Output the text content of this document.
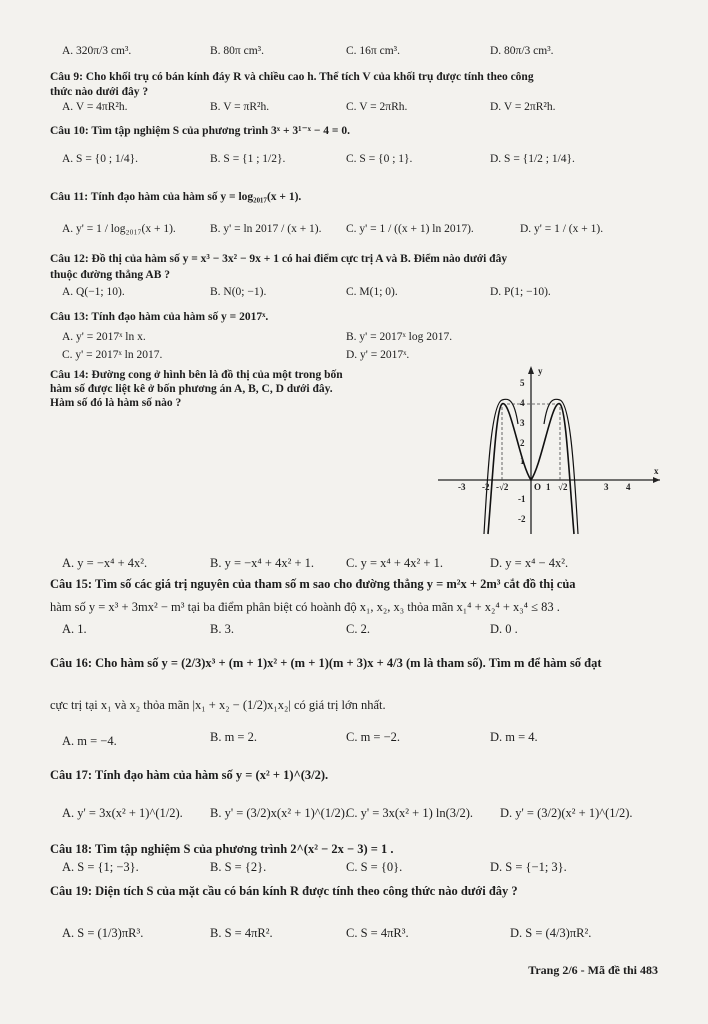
A. 320π/3 cm³.	B. 80π cm³.	C. 16π cm³.	D. 80π/3 cm³.
Câu 9: Cho khối trụ có bán kính đáy R và chiều cao h. Thể tích V của khối trụ được tính theo công
thức nào dưới đây ?
A. V = 4πR²h.	B. V = πR²h.	C. V = 2πRh.	D. V = 2πR²h.
Câu 10: Tìm tập nghiệm S của phương trình 3ˣ + 3¹⁻ˣ − 4 = 0.
A. S = {0 ; 1/4}.	B. S = {1 ; 1/2}.	C. S = {0 ; 1}.	D. S = {1/2 ; 1/4}.
Câu 11: Tính đạo hàm của hàm số y = log₂₀₁₇(x + 1).
A. y' = 1 / log₂₀₁₇(x + 1).	B. y' = ln 2017 / (x + 1). C. y' = 1 / ((x + 1) ln 2017).	D. y' = 1 / (x + 1).
Câu 12: Đồ thị của hàm số y = x³ − 3x² − 9x + 1 có hai điểm cực trị A và B. Điểm nào dưới đây
thuộc đường thẳng AB ?
A. Q(−1; 10).	B. N(0; −1).	C. M(1; 0).	D. P(1; −10).
Câu 13: Tính đạo hàm của hàm số y = 2017ˣ.
A. y' = 2017ˣ ln x.	B. y' = 2017ˣ log 2017.
C. y' = 2017ˣ ln 2017.	D. y' = 2017ˣ.
Câu 14: Đường cong ở hình bên là đồ thị của một trong bốn
hàm số được liệt kê ở bốn phương án A, B, C, D dưới đây.
Hàm số đó là hàm số nào ?
y
x
O
5
4
3
2
1
-1
-2
-3 -2 -√2	1 √2	3 4
A. y = −x⁴ + 4x².	B. y = −x⁴ + 4x² + 1.	C. y = x⁴ + 4x² + 1.	D. y = x⁴ − 4x².
Câu 15: Tìm số các giá trị nguyên của tham số m sao cho đường thẳng y = m²x + 2m³ cắt đồ thị của
hàm số y = x³ + 3mx² − m³ tại ba điểm phân biệt có hoành độ x₁, x₂, x₃ thỏa mãn x₁⁴ + x₂⁴ + x₃⁴ ≤ 83 .
A. 1.	B. 3.	C. 2.	D. 0 .
Câu 16: Cho hàm số y = (2/3)x³ + (m + 1)x² + (m + 1)(m + 3)x + 4/3 (m là tham số). Tìm m để hàm số đạt
cực trị tại x₁ và x₂ thỏa mãn |x₁ + x₂ − (1/2)x₁x₂| có giá trị lớn nhất.
A. m = −4.	B. m = 2.	C. m = −2.	D. m = 4.
Câu 17: Tính đạo hàm của hàm số y = (x² + 1)^(3/2).
A. y' = 3x(x² + 1)^(1/2). B. y' = (3/2)x(x² + 1)^(1/2).
C. y' = 3x(x² + 1) ln(3/2). D. y' = (3/2)(x² + 1)^(1/2).
Câu 18: Tìm tập nghiệm S của phương trình 2^(x² − 2x − 3) = 1 .
A. S = {1; −3}.	B. S = {2}.	C. S = {0}.	D. S = {−1; 3}.
Câu 19: Diện tích S của mặt cầu có bán kính R được tính theo công thức nào dưới đây ?
A. S = (1/3)πR³.	B. S = 4πR².	C. S = 4πR³.	D. S = (4/3)πR².
Trang 2/6 - Mã đề thi 483
